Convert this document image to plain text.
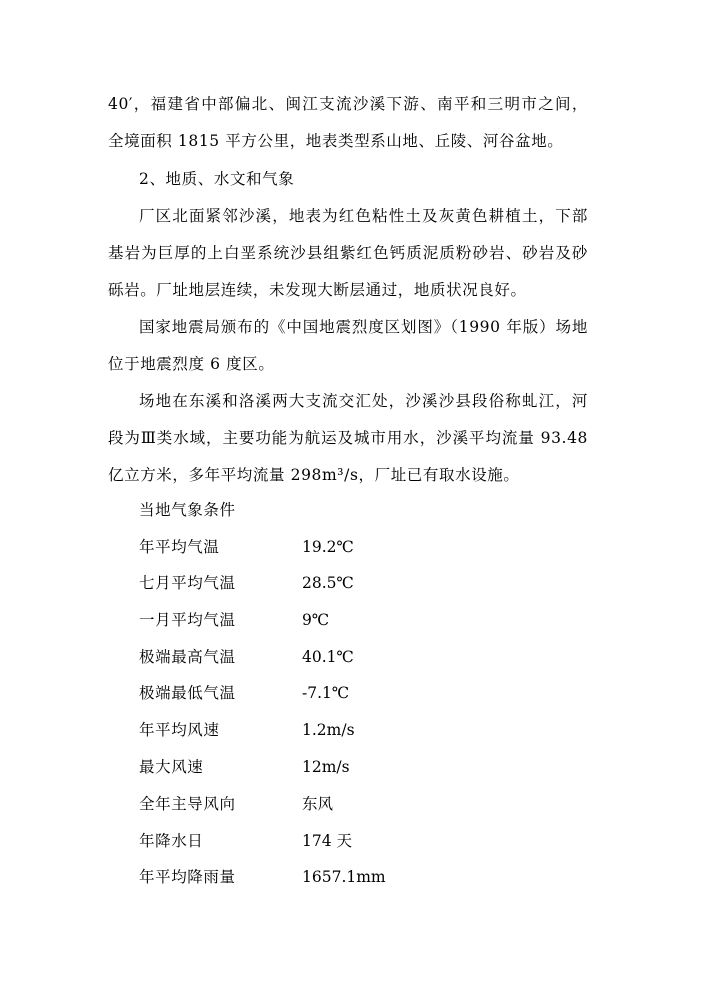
40′，福建省中部偏北、闽江支流沙溪下游、南平和三明市之间，
全境面积 1815 平方公里，地表类型系山地、丘陵、河谷盆地。
2、地质、水文和气象
厂区北面紧邻沙溪，地表为红色粘性土及灰黄色耕植土，下部
基岩为巨厚的上白垩系统沙县组紫红色钙质泥质粉砂岩、砂岩及砂
砾岩。厂址地层连续，未发现大断层通过，地质状况良好。
国家地震局颁布的《中国地震烈度区划图》（1990 年版）场地
位于地震烈度 6 度区。
场地在东溪和洛溪两大支流交汇处，沙溪沙县段俗称虬江，河
段为Ⅲ类水域，主要功能为航运及城市用水，沙溪平均流量 93.48
亿立方米，多年平均流量 298m³/s，厂址已有取水设施。
当地气象条件
年平均气温	19.2℃
七月平均气温	28.5℃
一月平均气温	9℃
极端最高气温	40.1℃
极端最低气温	-7.1℃
年平均风速	1.2m/s
最大风速	12m/s
全年主导风向	东风
年降水日	174 天
年平均降雨量	1657.1mm
